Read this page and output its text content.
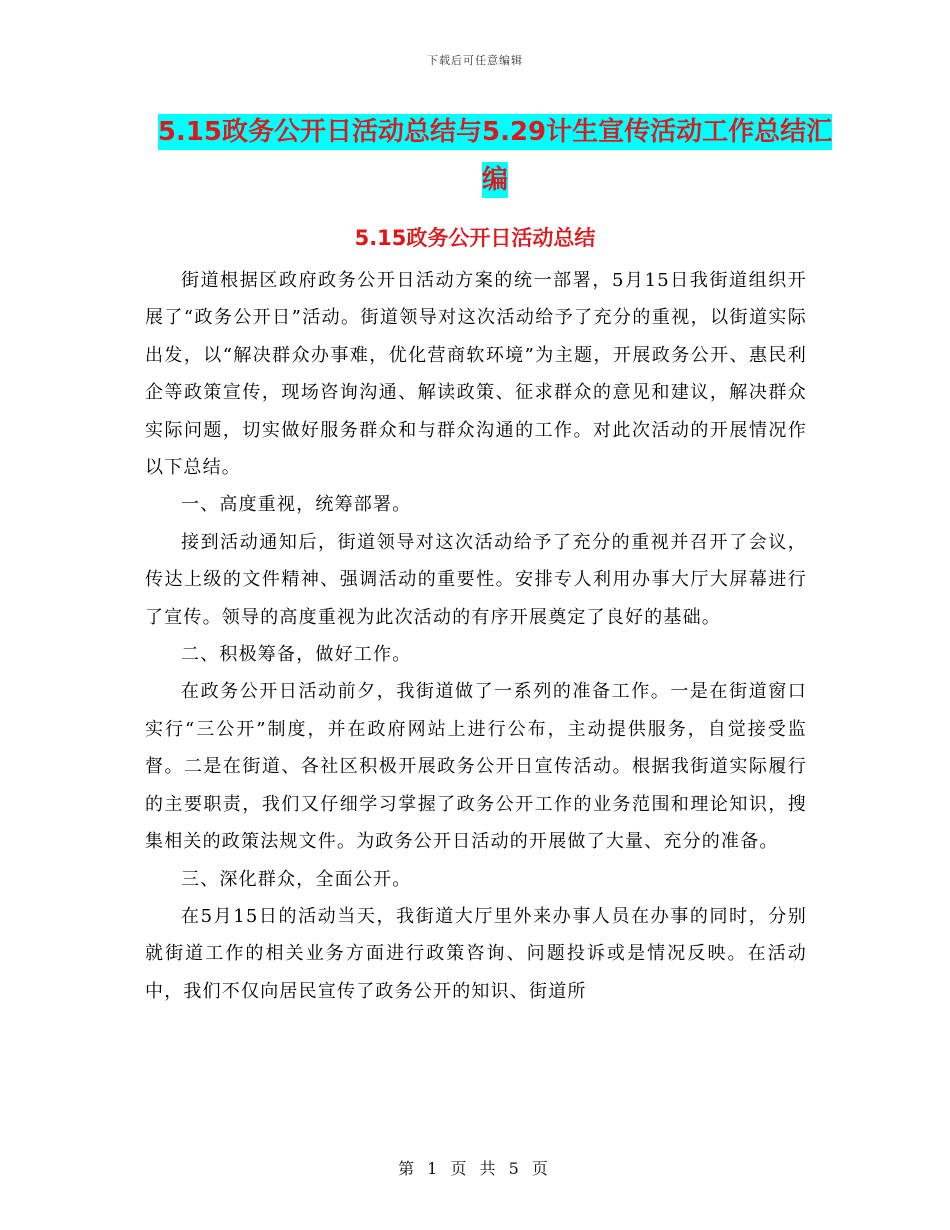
下载后可任意编辑
5.15政务公开日活动总结与5.29计生宣传活动工作总结汇编
5.15政务公开日活动总结

街道根据区政府政务公开日活动方案的统一部署，5月15日我街道组织开展了“政务公开日”活动。街道领导对这次活动给予了充分的重视，以街道实际出发，以“解决群众办事难，优化营商软环境”为主题，开展政务公开、惠民利企等政策宣传，现场咨询沟通、解读政策、征求群众的意见和建议，解决群众实际问题，切实做好服务群众和与群众沟通的工作。对此次活动的开展情况作以下总结。

一、高度重视，统筹部署。

接到活动通知后，街道领导对这次活动给予了充分的重视并召开了会议，传达上级的文件精神、强调活动的重要性。安排专人利用办事大厅大屏幕进行了宣传。领导的高度重视为此次活动的有序开展奠定了良好的基础。

二、积极筹备，做好工作。

在政务公开日活动前夕，我街道做了一系列的准备工作。一是在街道窗口实行“三公开”制度，并在政府网站上进行公布，主动提供服务，自觉接受监督。二是在街道、各社区积极开展政务公开日宣传活动。根据我街道实际履行的主要职责，我们又仔细学习掌握了政务公开工作的业务范围和理论知识，搜集相关的政策法规文件。为政务公开日活动的开展做了大量、充分的准备。

三、深化群众，全面公开。

在5月15日的活动当天，我街道大厅里外来办事人员在办事的同时，分别就街道工作的相关业务方面进行政策咨询、问题投诉或是情况反映。在活动中，我们不仅向居民宣传了政务公开的知识、街道所

第 1 页 共 5 页
